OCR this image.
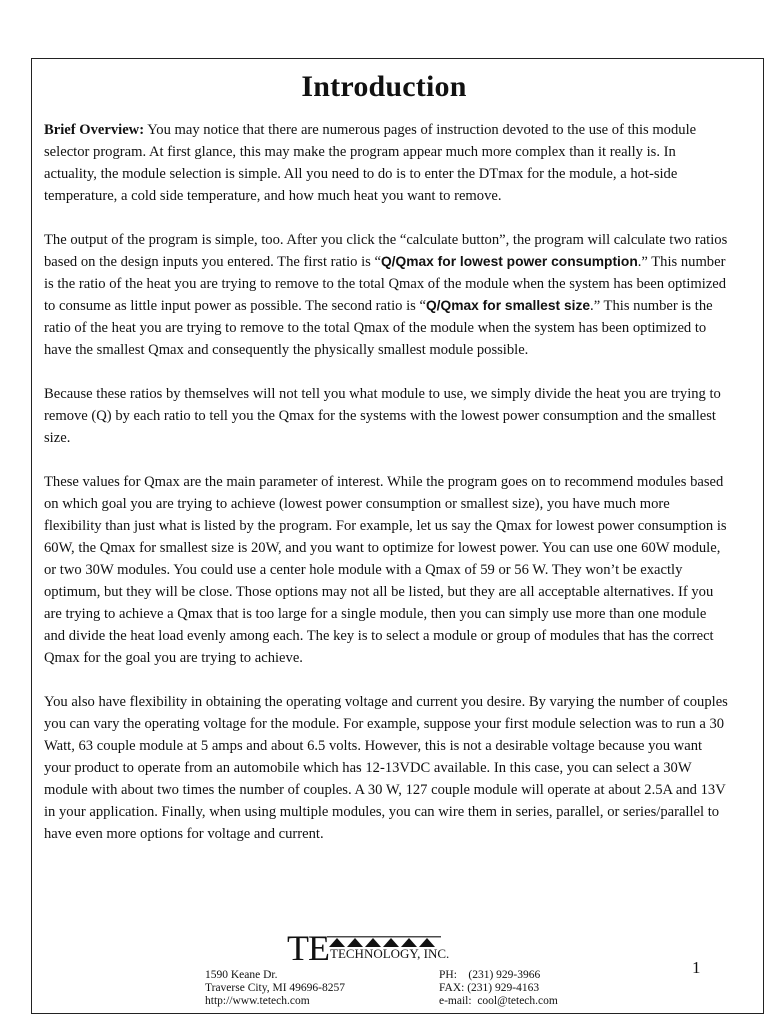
Introduction

Brief Overview: You may notice that there are numerous pages of instruction devoted to the use of this module selector program. At first glance, this may make the program appear much more complex than it really is. In actuality, the module selection is simple. All you need to do is to enter the DTmax for the module, a hot-side temperature, a cold side temperature, and how much heat you want to remove.

The output of the program is simple, too. After you click the “calculate button”, the program will calculate two ratios based on the design inputs you entered. The first ratio is “Q/Qmax for lowest power consumption.” This number is the ratio of the heat you are trying to remove to the total Qmax of the module when the system has been optimized to consume as little input power as possible. The second ratio is “Q/Qmax for smallest size.” This number is the ratio of the heat you are trying to remove to the total Qmax of the module when the system has been optimized to have the smallest Qmax and consequently the physically smallest module possible.

Because these ratios by themselves will not tell you what module to use, we simply divide the heat you are trying to remove (Q) by each ratio to tell you the Qmax for the systems with the lowest power consumption and the smallest size.

These values for Qmax are the main parameter of interest. While the program goes on to recommend modules based on which goal you are trying to achieve (lowest power consumption or smallest size), you have much more flexibility than just what is listed by the program. For example, let us say the Qmax for lowest power consumption is 60W, the Qmax for smallest size is 20W, and you want to optimize for lowest power. You can use one 60W module, or two 30W modules. You could use a center hole module with a Qmax of 59 or 56 W. They won’t be exactly optimum, but they will be close. Those options may not all be listed, but they are all acceptable alternatives. If you are trying to achieve a Qmax that is too large for a single module, then you can simply use more than one module and divide the heat load evenly among each. The key is to select a module or group of modules that has the correct Qmax for the goal you are trying to achieve.

You also have flexibility in obtaining the operating voltage and current you desire. By varying the number of couples you can vary the operating voltage for the module. For example, suppose your first module selection was to run a 30 Watt, 63 couple module at 5 amps and about 6.5 volts. However, this is not a desirable voltage because you want your product to operate from an automobile which has 12-13VDC available. In this case, you can select a 30W module with about two times the number of couples. A 30 W, 127 couple module will operate at about 2.5A and 13V in your application. Finally, when using multiple modules, you can wire them in series, parallel, or series/parallel to have even more options for voltage and current.

TE TECHNOLOGY, INC.
1590 Keane Dr.
Traverse City, MI 49696-8257
http://www.tetech.com
PH:    (231) 929-3966
FAX: (231) 929-4163
e-mail:  cool@tetech.com
1
